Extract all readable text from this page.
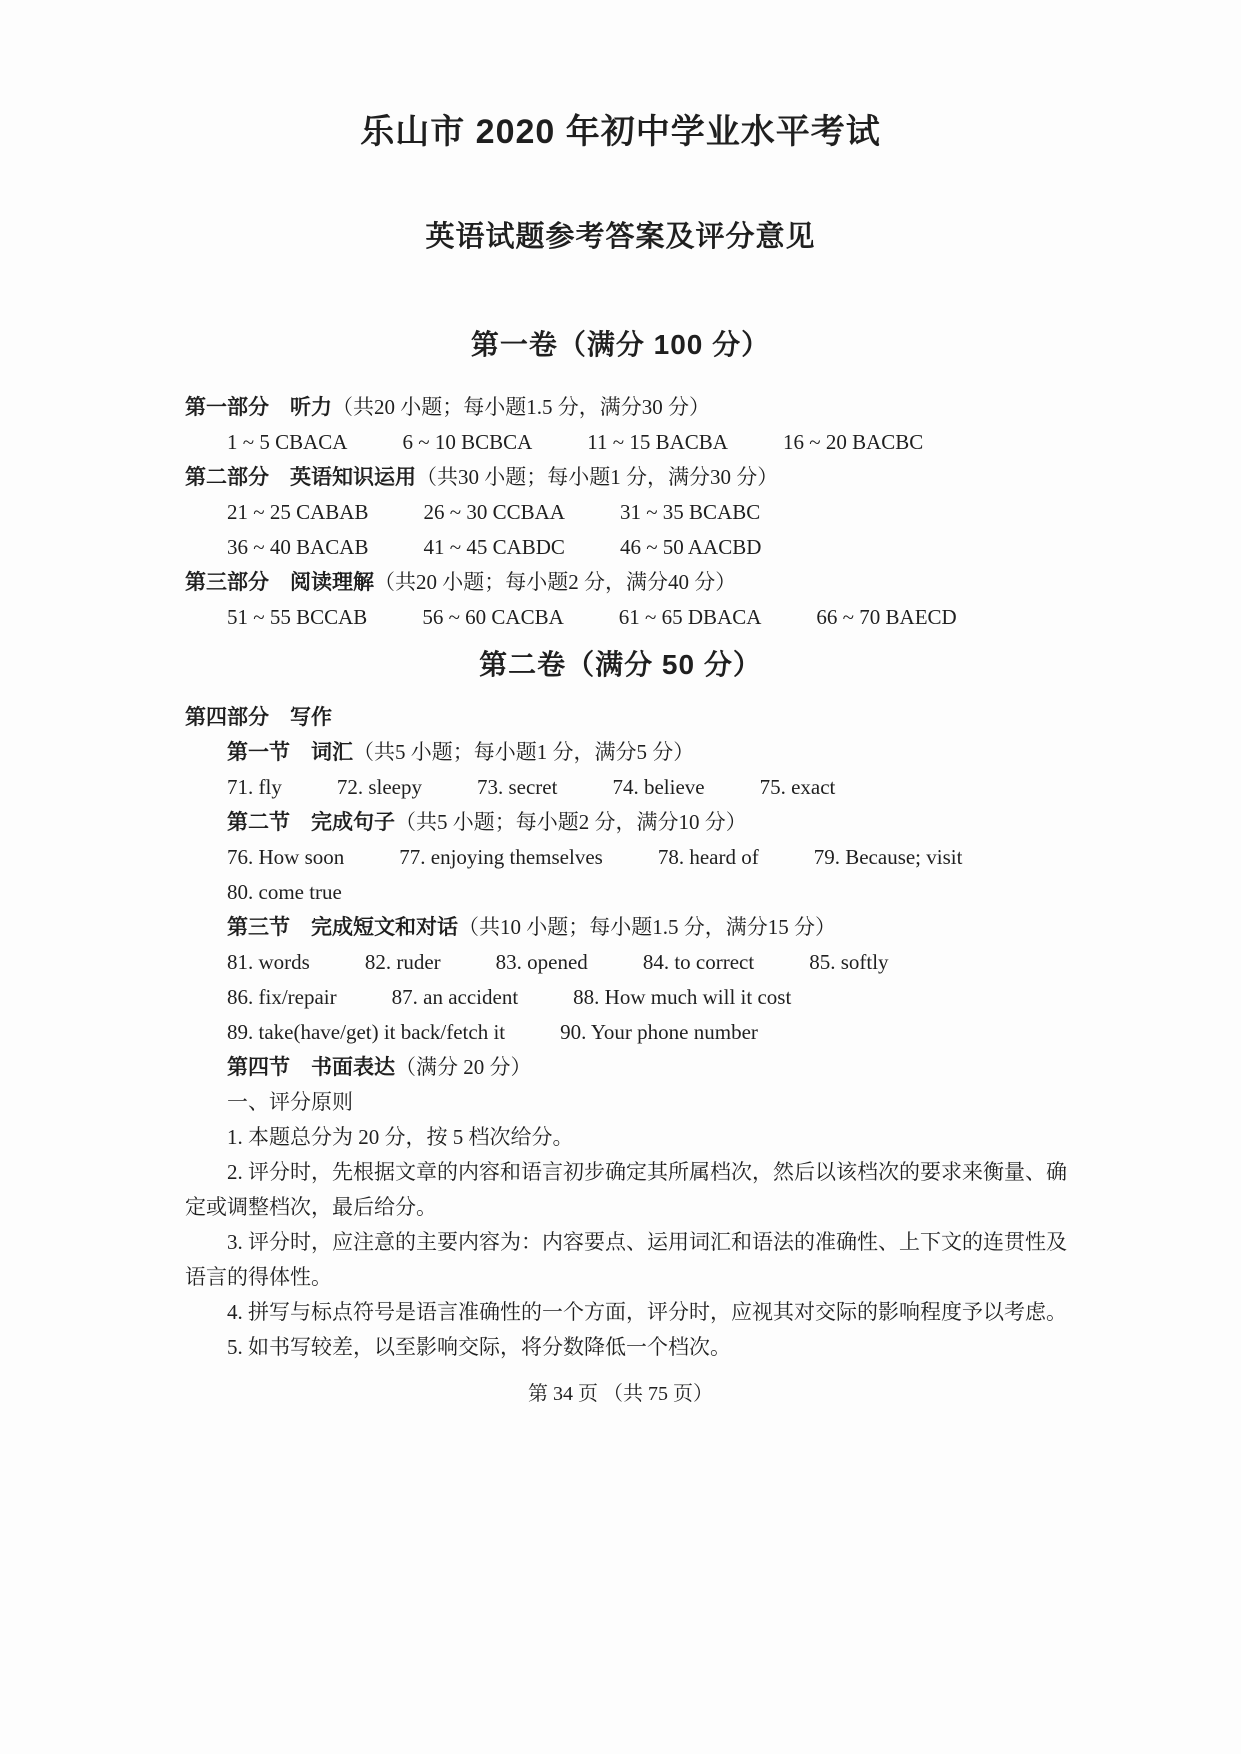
乐山市 2020 年初中学业水平考试
英语试题参考答案及评分意见
第一卷（满分 100 分）
第一部分　听力（共20 小题；每小题1.5 分，满分30 分）
1 ~ 5 CBACA	6 ~ 10 BCBCA	11 ~ 15 BACBA	16 ~ 20 BACBC
第二部分　英语知识运用（共30 小题；每小题1 分，满分30 分）
21 ~ 25 CABAB	26 ~ 30 CCBAA	31 ~ 35 BCABC
36 ~ 40 BACAB	41 ~ 45 CABDC	46 ~ 50 AACBD
第三部分　阅读理解（共20 小题；每小题2 分，满分40 分）
51 ~ 55 BCCAB	56 ~ 60 CACBA	61 ~ 65 DBACA	66 ~ 70 BAECD
第二卷（满分 50 分）
第四部分　写作
第一节　词汇（共5 小题；每小题1 分，满分5 分）
71. fly	72. sleepy	73. secret	74. believe	75. exact
第二节　完成句子（共5 小题；每小题2 分，满分10 分）
76. How soon	77. enjoying themselves	78. heard of	79. Because; visit
80. come true
第三节　完成短文和对话（共10 小题；每小题1.5 分，满分15 分）
81. words	82. ruder	83. opened	84. to correct	85. softly
86. fix/repair	87. an accident	88. How much will it cost
89. take(have/get) it back/fetch it	90. Your phone number
第四节　书面表达（满分 20 分）
一、评分原则

1. 本题总分为 20 分，按 5 档次给分。

2. 评分时，先根据文章的内容和语言初步确定其所属档次，然后以该档次的要求来衡量、确定或调整档次，最后给分。

3. 评分时，应注意的主要内容为：内容要点、运用词汇和语法的准确性、上下文的连贯性及语言的得体性。

4. 拼写与标点符号是语言准确性的一个方面，评分时，应视其对交际的影响程度予以考虑。

5. 如书写较差，以至影响交际，将分数降低一个档次。

第 34 页 （共 75 页）
